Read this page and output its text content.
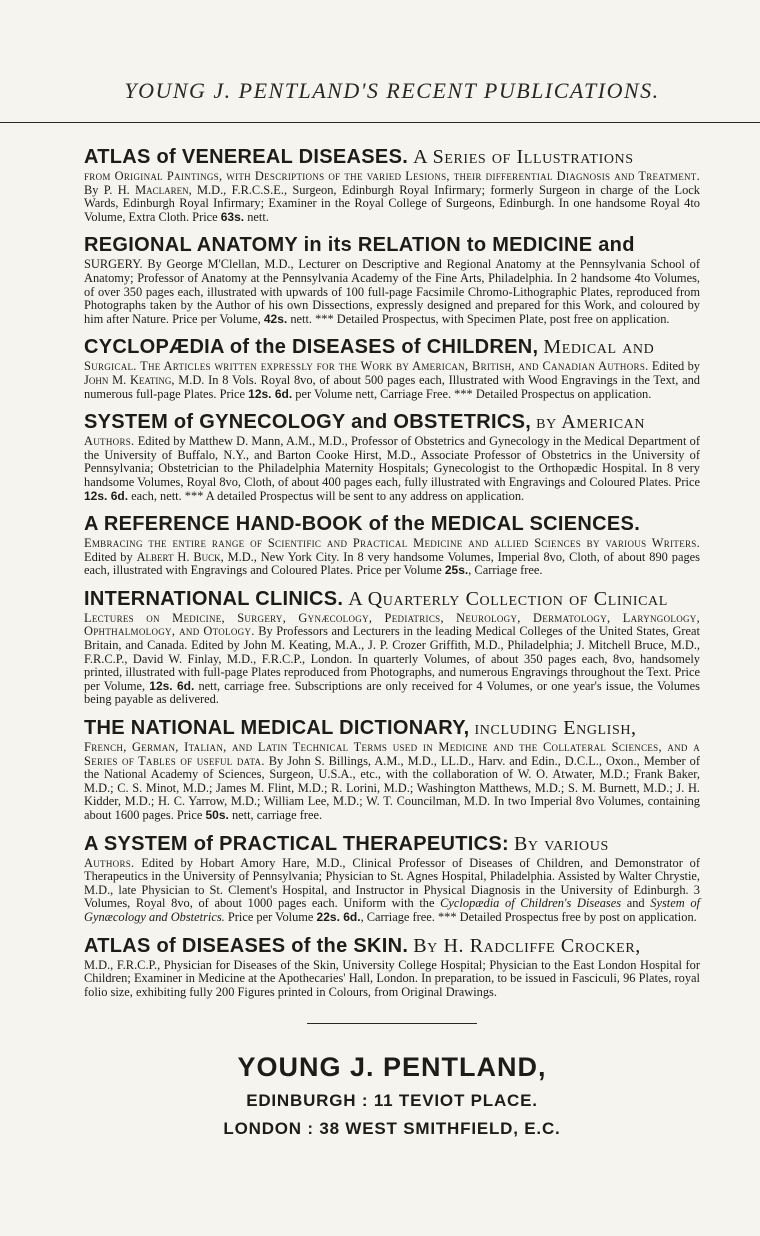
YOUNG J. PENTLAND'S RECENT PUBLICATIONS.
ATLAS of VENEREAL DISEASES. A Series of Illustrations
from Original Paintings, with Descriptions of the varied Lesions, their differential Diagnosis and Treatment. By P. H. Maclaren, M.D., F.R.C.S.E., Surgeon, Edinburgh Royal Infirmary; formerly Surgeon in charge of the Lock Wards, Edinburgh Royal Infirmary; Examiner in the Royal College of Surgeons, Edinburgh. In one handsome Royal 4to Volume, Extra Cloth. Price 63s. nett.
REGIONAL ANATOMY in its RELATION to MEDICINE and
SURGERY. By George M'Clellan, M.D., Lecturer on Descriptive and Regional Anatomy at the Pennsylvania School of Anatomy; Professor of Anatomy at the Pennsylvania Academy of the Fine Arts, Philadelphia. In 2 handsome 4to Volumes, of over 350 pages each, illustrated with upwards of 100 full-page Facsimile Chromo-Lithographic Plates, reproduced from Photographs taken by the Author of his own Dissections, expressly designed and prepared for this Work, and coloured by him after Nature. Price per Volume, 42s. nett. *** Detailed Prospectus, with Specimen Plate, post free on application.
CYCLOPÆDIA of the DISEASES of CHILDREN, Medical and
Surgical. The Articles written expressly for the Work by American, British, and Canadian Authors. Edited by John M. Keating, M.D. In 8 Vols. Royal 8vo, of about 500 pages each, Illustrated with Wood Engravings in the Text, and numerous full-page Plates. Price 12s. 6d. per Volume nett, Carriage Free. *** Detailed Prospectus on application.
SYSTEM of GYNECOLOGY and OBSTETRICS, by American
Authors. Edited by Matthew D. Mann, A.M., M.D., Professor of Obstetrics and Gynecology in the Medical Department of the University of Buffalo, N.Y., and Barton Cooke Hirst, M.D., Associate Professor of Obstetrics in the University of Pennsylvania; Obstetrician to the Philadelphia Maternity Hospitals; Gynecologist to the Orthopædic Hospital. In 8 very handsome Volumes, Royal 8vo, Cloth, of about 400 pages each, fully illustrated with Engravings and Coloured Plates. Price 12s. 6d. each, nett. *** A detailed Prospectus will be sent to any address on application.
A REFERENCE HAND-BOOK of the MEDICAL SCIENCES.
Embracing the entire range of Scientific and Practical Medicine and allied Sciences by various Writers. Edited by Albert H. Buck, M.D., New York City. In 8 very handsome Volumes, Imperial 8vo, Cloth, of about 890 pages each, illustrated with Engravings and Coloured Plates. Price per Volume 25s., Carriage free.
INTERNATIONAL CLINICS. A Quarterly Collection of Clinical
Lectures on Medicine, Surgery, Gynæcology, Pediatrics, Neurology, Dermatology, Laryngology, Ophthalmology, and Otology. By Professors and Lecturers in the leading Medical Colleges of the United States, Great Britain, and Canada. Edited by John M. Keating, M.A., J. P. Crozer Griffith, M.D., Philadelphia; J. Mitchell Bruce, M.D., F.R.C.P., David W. Finlay, M.D., F.R.C.P., London. In quarterly Volumes, of about 350 pages each, 8vo, handsomely printed, illustrated with full-page Plates reproduced from Photographs, and numerous Engravings throughout the Text. Price per Volume, 12s. 6d. nett, carriage free. Subscriptions are only received for 4 Volumes, or one year's issue, the Volumes being payable as delivered.
THE NATIONAL MEDICAL DICTIONARY, including English,
French, German, Italian, and Latin Technical Terms used in Medicine and the Collateral Sciences, and a Series of Tables of useful data. By John S. Billings, A.M., M.D., LL.D., Harv. and Edin., D.C.L., Oxon., Member of the National Academy of Sciences, Surgeon, U.S.A., etc., with the collaboration of W. O. Atwater, M.D.; Frank Baker, M.D.; C. S. Minot, M.D.; James M. Flint, M.D.; R. Lorini, M.D.; Washington Matthews, M.D.; S. M. Burnett, M.D.; J. H. Kidder, M.D.; H. C. Yarrow, M.D.; William Lee, M.D.; W. T. Councilman, M.D. In two Imperial 8vo Volumes, containing about 1600 pages. Price 50s. nett, carriage free.
A SYSTEM of PRACTICAL THERAPEUTICS: By various
Authors. Edited by Hobart Amory Hare, M.D., Clinical Professor of Diseases of Children, and Demonstrator of Therapeutics in the University of Pennsylvania; Physician to St. Agnes Hospital, Philadelphia. Assisted by Walter Chrystie, M.D., late Physician to St. Clement's Hospital, and Instructor in Physical Diagnosis in the University of Edinburgh. 3 Volumes, Royal 8vo, of about 1000 pages each. Uniform with the Cyclopædia of Children's Diseases and System of Gynæcology and Obstetrics. Price per Volume 22s. 6d., Carriage free. *** Detailed Prospectus free by post on application.
ATLAS of DISEASES of the SKIN. By H. Radcliffe Crocker,
M.D., F.R.C.P., Physician for Diseases of the Skin, University College Hospital; Physician to the East London Hospital for Children; Examiner in Medicine at the Apothecaries' Hall, London. In preparation, to be issued in Fasciculi, 96 Plates, royal folio size, exhibiting fully 200 Figures printed in Colours, from Original Drawings.
YOUNG J. PENTLAND,
EDINBURGH : 11 TEVIOT PLACE.
LONDON : 38 WEST SMITHFIELD, E.C.
